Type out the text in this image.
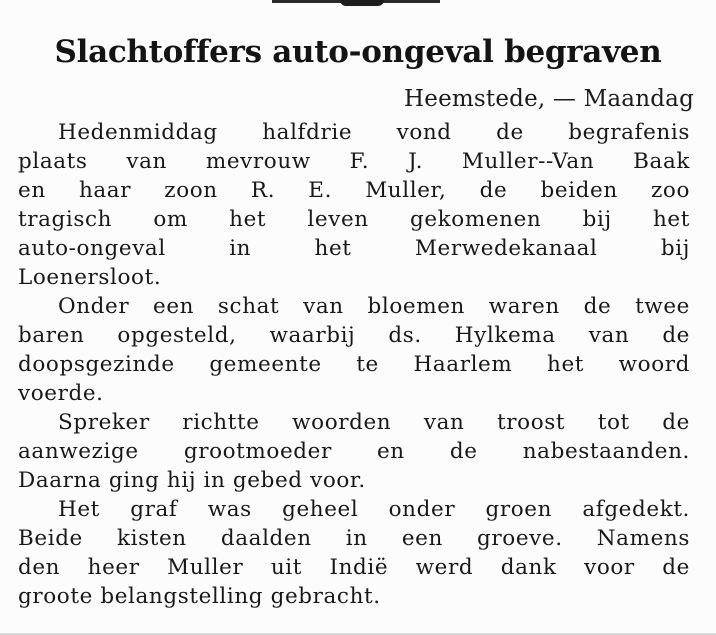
Slachtoffers auto-ongeval begraven
Heemstede, — Maandag
Hedenmiddag halfdrie vond de begrafenis
plaats van mevrouw F. J. Muller--Van Baak
en haar zoon R. E. Muller, de beiden zoo
tragisch om het leven gekomenen bij het
auto-ongeval in het Merwedekanaal bij
Loenersloot.
Onder een schat van bloemen waren de twee
baren opgesteld, waarbij ds. Hylkema van de
doopsgezinde gemeente te Haarlem het woord
voerde.
Spreker richtte woorden van troost tot de
aanwezige grootmoeder en de nabestaanden.
Daarna ging hij in gebed voor.
Het graf was geheel onder groen afgedekt.
Beide kisten daalden in een groeve. Namens
den heer Muller uit Indië werd dank voor de
groote belangstelling gebracht.
